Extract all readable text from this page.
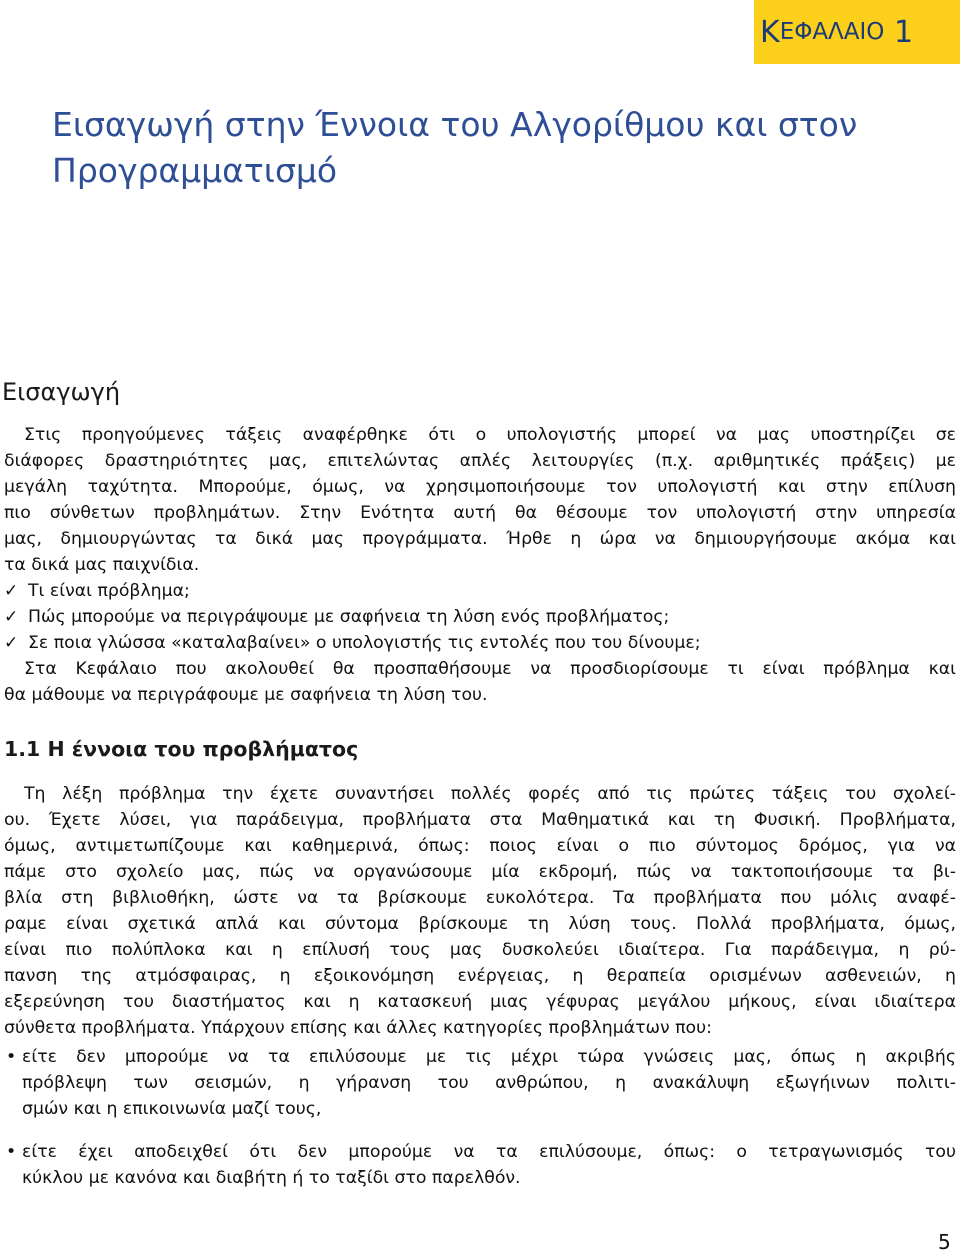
Κ ΕΦΑΛΑΙΟ
1
Εισαγωγή στην Έννοια του Αλγορίθμου και στον Προγραμματισμό
Εισαγωγή
Στις προηγούμενες τάξεις αναφέρθηκε ότι ο υπολογιστής μπορεί να μας υποστηρίζει σε
διάφορες δραστηριότητες μας, επιτελώντας απλές λειτουργίες (π.χ. αριθμητικές πράξεις) με
μεγάλη ταχύτητα. Μπορούμε, όμως, να χρησιμοποιήσουμε τον υπολογιστή και στην επίλυση
πιο σύνθετων προβλημάτων. Στην Ενότητα αυτή θα θέσουμε τον υπολογιστή στην υπηρεσία
μας, δημιουργώντας τα δικά μας προγράμματα. Ήρθε η ώρα να δημιουργήσουμε ακόμα και
τα δικά μας παιχνίδια.
✓ Τι είναι πρόβλημα;
✓ Πώς μπορούμε να περιγράψουμε με σαφήνεια τη λύση ενός προβλήματος;
✓ Σε ποια γλώσσα «καταλαβαίνει» ο υπολογιστής τις εντολές που του δίνουμε;
Στα Κεφάλαιο που ακολουθεί θα προσπαθήσουμε να προσδιορίσουμε τι είναι πρόβλημα και
θα μάθουμε να περιγράφουμε με σαφήνεια τη λύση του.
1.1 Η έννοια του προβλήματος
Τη λέξη πρόβλημα την έχετε συναντήσει πολλές φορές από τις πρώτες τάξεις του σχολεί-
ου. Έχετε λύσει, για παράδειγμα, προβλήματα στα Μαθηματικά και τη Φυσική. Προβλήματα,
όμως, αντιμετωπίζουμε και καθημερινά, όπως: ποιος είναι ο πιο σύντομος δρόμος, για να
πάμε στο σχολείο μας, πώς να οργανώσουμε μία εκδρομή, πώς να τακτοποιήσουμε τα βι-
βλία στη βιβλιοθήκη, ώστε να τα βρίσκουμε ευκολότερα. Τα προβλήματα που μόλις αναφέ-
ραμε είναι σχετικά απλά και σύντομα βρίσκουμε τη λύση τους. Πολλά προβλήματα, όμως,
είναι πιο πολύπλοκα και η επίλυσή τους μας δυσκολεύει ιδιαίτερα. Για παράδειγμα, η ρύ-
πανση της ατμόσφαιρας, η εξοικονόμηση ενέργειας, η θεραπεία ορισμένων ασθενειών, η
εξερεύνηση του διαστήματος και η κατασκευή μιας γέφυρας μεγάλου μήκους, είναι ιδιαίτερα
σύνθετα προβλήματα. Υπάρχουν επίσης και άλλες κατηγορίες προβλημάτων που:
• είτε δεν μπορούμε να τα επιλύσουμε με τις μέχρι τώρα γνώσεις μας, όπως η ακριβής
πρόβλεψη των σεισμών, η γήρανση του ανθρώπου, η ανακάλυψη εξωγήινων πολιτι-
σμών και η επικοινωνία μαζί τους,
• είτε έχει αποδειχθεί ότι δεν μπορούμε να τα επιλύσουμε, όπως: ο τετραγωνισμός του
κύκλου με κανόνα και διαβήτη ή το ταξίδι στο παρελθόν.
5
